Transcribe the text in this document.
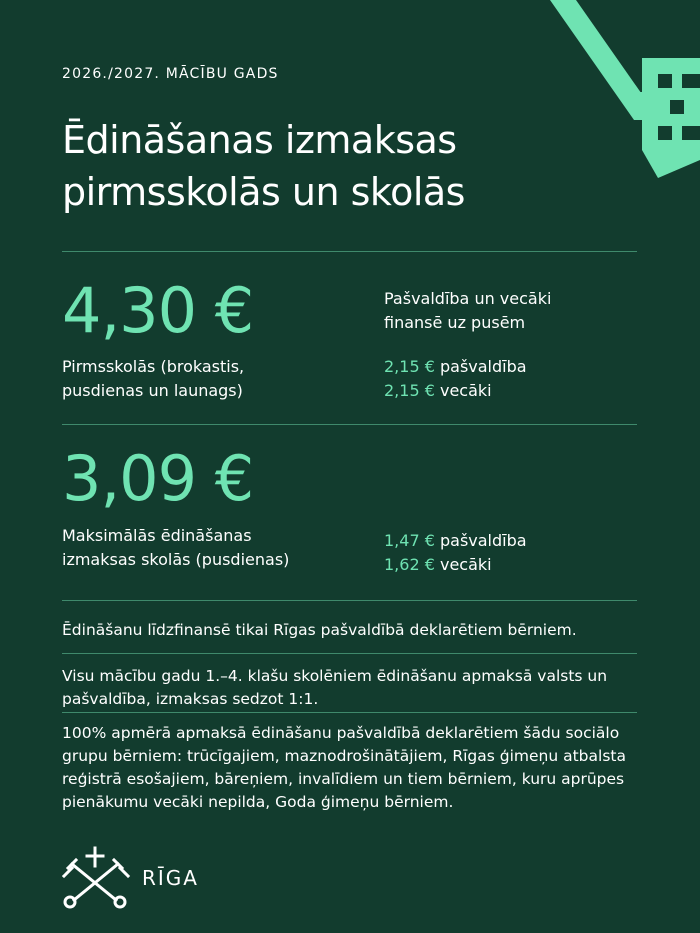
2026./2027. MĀCĪBU GADS
Ēdināšanas izmaksas
pirmsskolās un skolās
4,30 €
Pirmsskolās (brokastis,
pusdienas un launags)
Pašvaldība un vecāki
finansē uz pusēm
2,15 € pašvaldība
2,15 € vecāki
3,09 €
Maksimālās ēdināšanas
izmaksas skolās (pusdienas)
1,47 € pašvaldība
1,62 € vecāki
Ēdināšanu līdzfinansē tikai Rīgas pašvaldībā deklarētiem bērniem.
Visu mācību gadu 1.–4. klašu skolēniem ēdināšanu apmaksā valsts un
pašvaldība, izmaksas sedzot 1:1.
100% apmērā apmaksā ēdināšanu pašvaldībā deklarētiem šādu sociālo
grupu bērniem: trūcīgajiem, maznodrošinātājiem, Rīgas ģimeņu atbalsta
reģistrā esošajiem, bāreņiem, invalīdiem un tiem bērniem, kuru aprūpes
pienākumu vecāki nepilda, Goda ģimeņu bērniem.
RĪGA
